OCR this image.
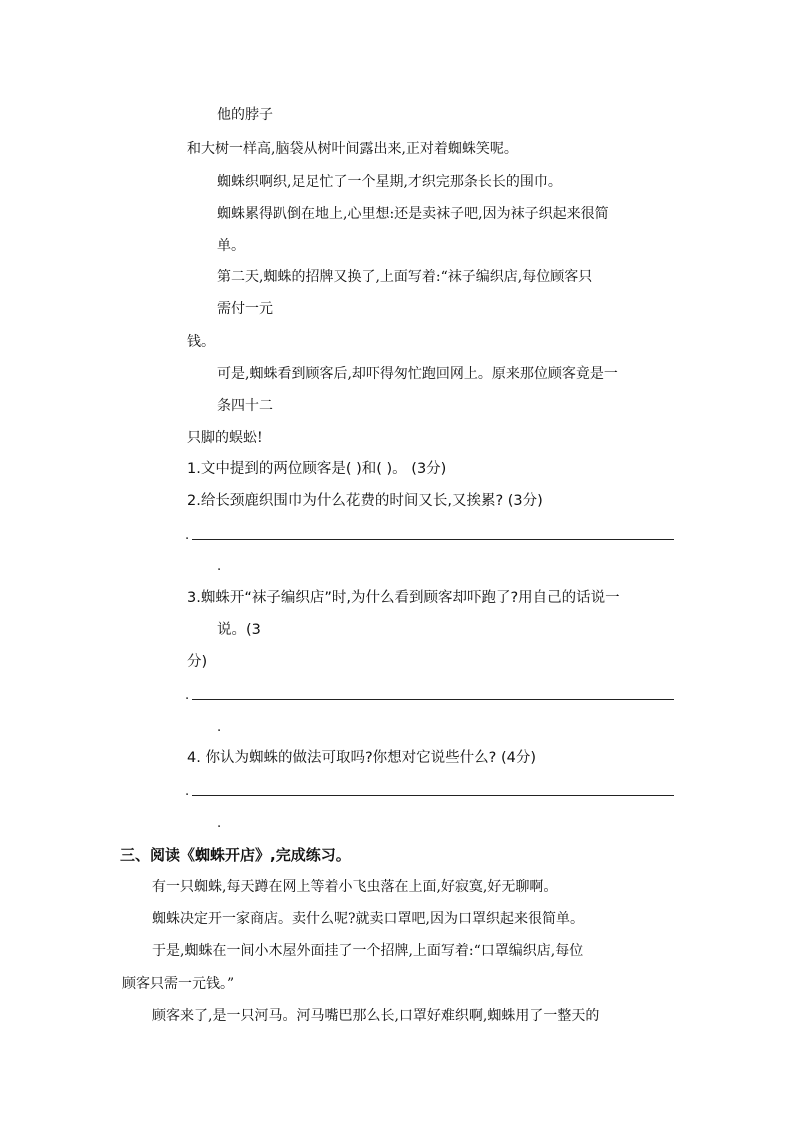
他的脖子
和大树一样高,脑袋从树叶间露出来,正对着蜘蛛笑呢。
蜘蛛织啊织,足足忙了一个星期,才织完那条长长的围巾。
蜘蛛累得趴倒在地上,心里想:还是卖袜子吧,因为袜子织起来很简
单。
第二天,蜘蛛的招牌又换了,上面写着:“袜子编织店,每位顾客只
需付一元
钱。
可是,蜘蛛看到顾客后,却吓得匆忙跑回网上。原来那位顾客竟是一
条四十二
只脚的蜈蚣!
1.文中提到的两位顾客是( )和( )。 (3分)
2.给长颈鹿织围巾为什么花费的时间又长,又挨累? (3分)
.
.
3.蜘蛛开“袜子编织店”时,为什么看到顾客却吓跑了?用自己的话说一
说。(3
分)
.
.
4. 你认为蜘蛛的做法可取吗?你想对它说些什么? (4分)
.
.
三、阅读《蜘蛛开店》,完成练习。
有一只蜘蛛,每天蹲在网上等着小飞虫落在上面,好寂寞,好无聊啊。
蜘蛛决定开一家商店。卖什么呢?就卖口罩吧,因为口罩织起来很简单。
于是,蜘蛛在一间小木屋外面挂了一个招牌,上面写着:“口罩编织店,每位
顾客只需一元钱。”
顾客来了,是一只河马。河马嘴巴那么长,口罩好难织啊,蜘蛛用了一整天的
